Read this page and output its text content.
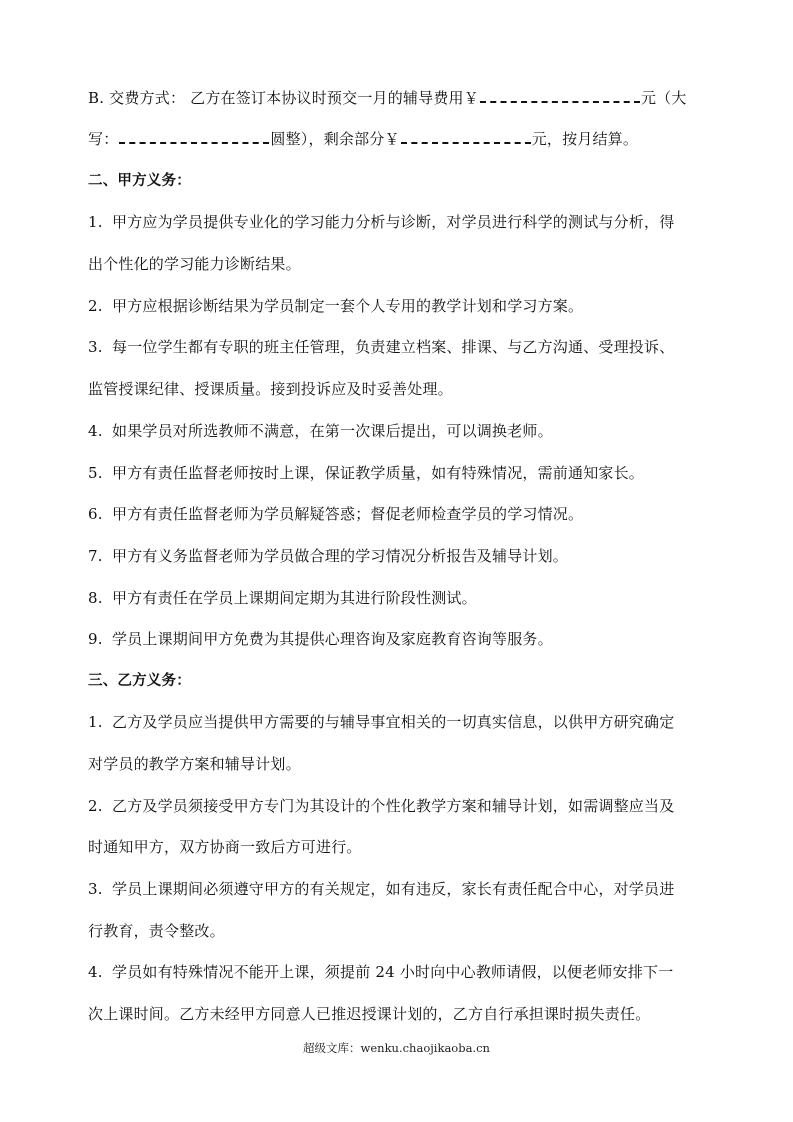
B. 交费方式： 乙方在签订本协议时预交一月的辅导费用￥	元（大
写：	圆整），剩余部分￥	元，按月结算。
二、甲方义务：
1. 甲方应为学员提供专业化的学习能力分析与诊断，对学员进行科学的测试与分析，得
出个性化的学习能力诊断结果。
2. 甲方应根据诊断结果为学员制定一套个人专用的教学计划和学习方案。
3. 每一位学生都有专职的班主任管理，负责建立档案、排课、与乙方沟通、受理投诉、
监管授课纪律、授课质量。接到投诉应及时妥善处理。
4. 如果学员对所选教师不满意，在第一次课后提出，可以调换老师。
5. 甲方有责任监督老师按时上课，保证教学质量，如有特殊情况，需前通知家长。
6. 甲方有责任监督老师为学员解疑答惑；督促老师检查学员的学习情况。
7. 甲方有义务监督老师为学员做合理的学习情况分析报告及辅导计划。
8. 甲方有责任在学员上课期间定期为其进行阶段性测试。
9. 学员上课期间甲方免费为其提供心理咨询及家庭教育咨询等服务。
三、乙方义务：
1. 乙方及学员应当提供甲方需要的与辅导事宜相关的一切真实信息，以供甲方研究确定
对学员的教学方案和辅导计划。
2. 乙方及学员须接受甲方专门为其设计的个性化教学方案和辅导计划，如需调整应当及
时通知甲方，双方协商一致后方可进行。
3. 学员上课期间必须遵守甲方的有关规定，如有违反，家长有责任配合中心，对学员进
行教育，责令整改。
4. 学员如有特殊情况不能开上课，须提前 24 小时向中心教师请假，以便老师安排下一
次上课时间。乙方未经甲方同意人已推迟授课计划的，乙方自行承担课时损失责任。
超级文库：wenku.chaojikaoba.cn
